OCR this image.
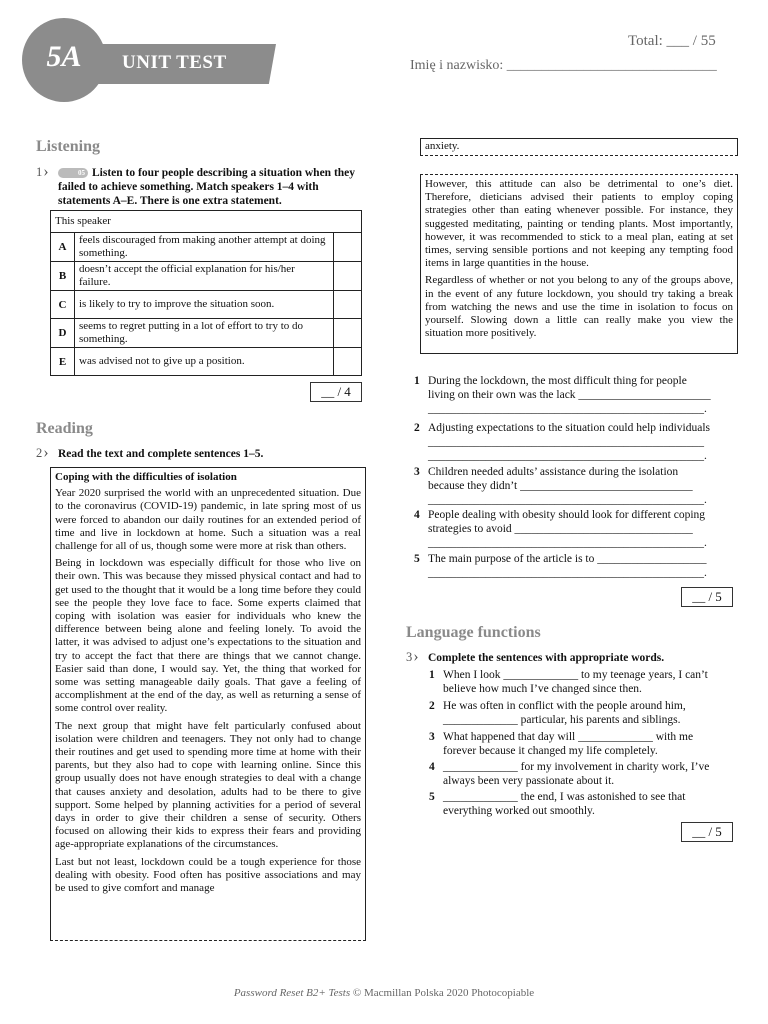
5A	UNIT TEST
Total: ___ / 55
Imię i nazwisko: ______________________________
Listening
1 ›	05 Listen to four people describing a situation when they failed to achieve something. Match speakers 1–4 with statements A–E. There is one extra statement.
This speaker		
A	feels discouraged from making another attempt at doing something.	
B	doesn’t accept the official explanation for his/her failure.	
C	is likely to try to improve the situation soon.	
D	seems to regret putting in a lot of effort to try to do something.	
E	was advised not to give up a position.	
__ / 4
Reading
2 ›	Read the text and complete sentences 1–5.
Coping with the difficulties of isolation

Year 2020 surprised the world with an unprecedented situation. Due to the coronavirus (COVID-19) pandemic, in late spring most of us were forced to abandon our daily routines for an extended period of time and live in lockdown at home. Such a situation was a real challenge for all of us, though some were more at risk than others.

Being in lockdown was especially difficult for those who live on their own. This was because they missed physical contact and had to get used to the thought that it would be a long time before they could see the people they love face to face. Some experts claimed that coping with isolation was easier for individuals who knew the difference between being alone and feeling lonely. To avoid the latter, it was advised to adjust one’s expectations to the situation and try to accept the fact that there are things that we cannot change. Easier said than done, I would say. Yet, the thing that worked for some was setting manageable daily goals. That gave a feeling of accomplishment at the end of the day, as well as returning a sense of some control over reality.

The next group that might have felt particularly confused about isolation were children and teenagers. They not only had to change their routines and get used to spending more time at home with their parents, but they also had to cope with learning online. Since this group usually does not have enough strategies to deal with a change that causes anxiety and desolation, adults had to be there to give support. Some helped by planning activities for a period of several days in order to give their children a sense of security. Others focused on allowing their kids to express their fears and providing age-appropriate explanations of the circumstances.

Last but not least, lockdown could be a tough experience for those dealing with obesity. Food often has positive associations and may be used to give comfort and manage

anxiety.

However, this attitude can also be detrimental to one’s diet. Therefore, dieticians advised their patients to employ coping strategies other than eating whenever possible. For instance, they suggested meditating, painting or tending plants. Most importantly, however, it was recommended to stick to a meal plan, eating at set times, serving sensible portions and not keeping any tempting food items in large quantities in the house.

Regardless of whether or not you belong to any of the groups above, in the event of any future lockdown, you should try taking a break from watching the news and use the time in isolation to focus on yourself. Slowing down a little can really make you view the situation more positively.

1 During the lockdown, the most difficult thing for people
living on their own was the lack _______________________
________________________________________________.
2 Adjusting expectations to the situation could help individuals
________________________________________________
________________________________________________.
3 Children needed adults’ assistance during the isolation
because they didn’t ______________________________
________________________________________________.
4 People dealing with obesity should look for different coping
strategies to avoid _______________________________
________________________________________________.
5 The main purpose of the article is to ___________________
________________________________________________.
__ / 5
Language functions
3 ›	Complete the sentences with appropriate words.
1 When I look _____________ to my teenage years, I can’t
believe how much I’ve changed since then.
2 He was often in conflict with the people around him,
_____________ particular, his parents and siblings.
3 What happened that day will _____________ with me
forever because it changed my life completely.
4 _____________ for my involvement in charity work, I’ve
always been very passionate about it.
5 _____________ the end, I was astonished to see that
everything worked out smoothly.
__ / 5
Password Reset B2+ Tests © Macmillan Polska 2020 Photocopiable
